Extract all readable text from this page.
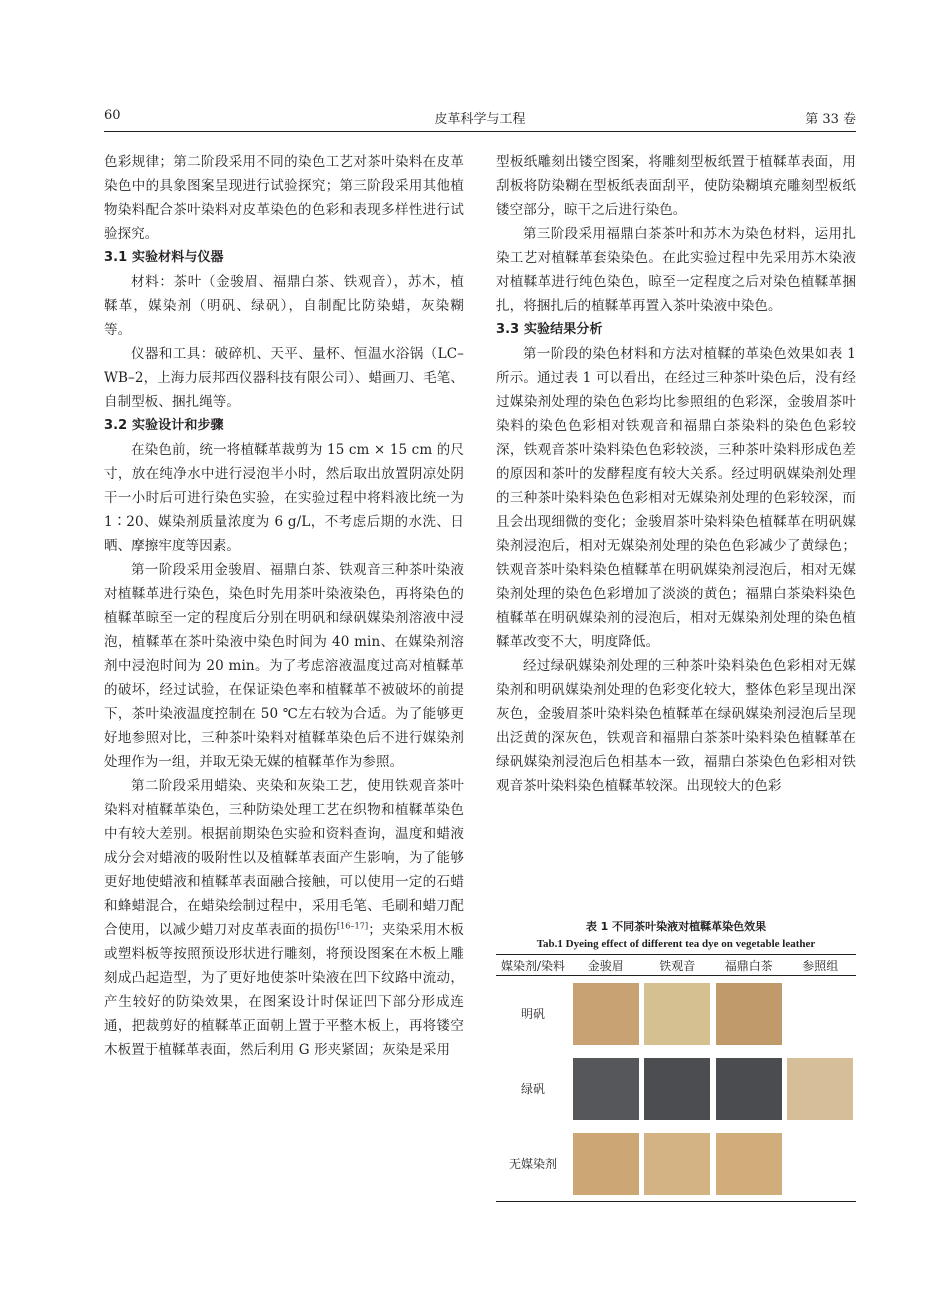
60	皮革科学与工程	第 33 卷

色彩规律；第二阶段采用不同的染色工艺对茶叶染料在皮革染色中的具象图案呈现进行试验探究；第三阶段采用其他植物染料配合茶叶染料对皮革染色的色彩和表现多样性进行试验探究。

3.1 实验材料与仪器

材料：茶叶（金骏眉、福鼎白茶、铁观音），苏木，植鞣革，媒染剂（明矾、绿矾），自制配比防染蜡，灰染糊等。

仪器和工具：破碎机、天平、量杯、恒温水浴锅（LC–WB–2，上海力辰邦西仪器科技有限公司）、蜡画刀、毛笔、自制型板、捆扎绳等。

3.2 实验设计和步骤

在染色前，统一将植鞣革裁剪为 15 cm × 15 cm 的尺寸，放在纯净水中进行浸泡半小时，然后取出放置阴凉处阴干一小时后可进行染色实验，在实验过程中将料液比统一为 1∶20、媒染剂质量浓度为 6 g/L，不考虑后期的水洗、日晒、摩擦牢度等因素。

第一阶段采用金骏眉、福鼎白茶、铁观音三种茶叶染液对植鞣革进行染色，染色时先用茶叶染液染色，再将染色的植鞣革晾至一定的程度后分别在明矾和绿矾媒染剂溶液中浸泡，植鞣革在茶叶染液中染色时间为 40 min、在媒染剂溶剂中浸泡时间为 20 min。为了考虑溶液温度过高对植鞣革的破坏，经过试验，在保证染色率和植鞣革不被破坏的前提下，茶叶染液温度控制在 50 ℃左右较为合适。为了能够更好地参照对比，三种茶叶染料对植鞣革染色后不进行媒染剂处理作为一组，并取无染无媒的植鞣革作为参照。

第二阶段采用蜡染、夹染和灰染工艺，使用铁观音茶叶染料对植鞣革染色，三种防染处理工艺在织物和植鞣革染色中有较大差别。根据前期染色实验和资料查询，温度和蜡液成分会对蜡液的吸附性以及植鞣革表面产生影响，为了能够更好地使蜡液和植鞣革表面融合接触，可以使用一定的石蜡和蜂蜡混合，在蜡染绘制过程中，采用毛笔、毛刷和蜡刀配合使用，以减少蜡刀对皮革表面的损伤[16–17]；夹染采用木板或塑料板等按照预设形状进行雕刻，将预设图案在木板上雕刻成凸起造型，为了更好地使茶叶染液在凹下纹路中流动，产生较好的防染效果，在图案设计时保证凹下部分形成连通，把裁剪好的植鞣革正面朝上置于平整木板上，再将镂空木板置于植鞣革表面，然后利用 G 形夹紧固；灰染是采用

型板纸雕刻出镂空图案，将雕刻型板纸置于植鞣革表面，用刮板将防染糊在型板纸表面刮平，使防染糊填充雕刻型板纸镂空部分，晾干之后进行染色。

第三阶段采用福鼎白茶茶叶和苏木为染色材料，运用扎染工艺对植鞣革套染染色。在此实验过程中先采用苏木染液对植鞣革进行纯色染色，晾至一定程度之后对染色植鞣革捆扎，将捆扎后的植鞣革再置入茶叶染液中染色。

3.3 实验结果分析

第一阶段的染色材料和方法对植鞣的革染色效果如表 1 所示。通过表 1 可以看出，在经过三种茶叶染色后，没有经过媒染剂处理的染色色彩均比参照组的色彩深，金骏眉茶叶染料的染色色彩相对铁观音和福鼎白茶染料的染色色彩较深，铁观音茶叶染料染色色彩较淡，三种茶叶染料形成色差的原因和茶叶的发酵程度有较大关系。经过明矾媒染剂处理的三种茶叶染料染色色彩相对无媒染剂处理的色彩较深，而且会出现细微的变化；金骏眉茶叶染料染色植鞣革在明矾媒染剂浸泡后，相对无媒染剂处理的染色色彩减少了黄绿色；铁观音茶叶染料染色植鞣革在明矾媒染剂浸泡后，相对无媒染剂处理的染色色彩增加了淡淡的黄色；福鼎白茶染料染色植鞣革在明矾媒染剂的浸泡后，相对无媒染剂处理的染色植鞣革改变不大，明度降低。

经过绿矾媒染剂处理的三种茶叶染料染色色彩相对无媒染剂和明矾媒染剂处理的色彩变化较大，整体色彩呈现出深灰色，金骏眉茶叶染料染色植鞣革在绿矾媒染剂浸泡后呈现出泛黄的深灰色，铁观音和福鼎白茶茶叶染料染色植鞣革在绿矾媒染剂浸泡后色相基本一致，福鼎白茶染色色彩相对铁观音茶叶染料染色植鞣革较深。出现较大的色彩

表 1 不同茶叶染液对植鞣革染色效果
Tab.1 Dyeing effect of different tea dye on vegetable leather
媒染剂/染料	金骏眉	铁观音	福鼎白茶	参照组
明矾	

绿矾	

无媒染剂	
